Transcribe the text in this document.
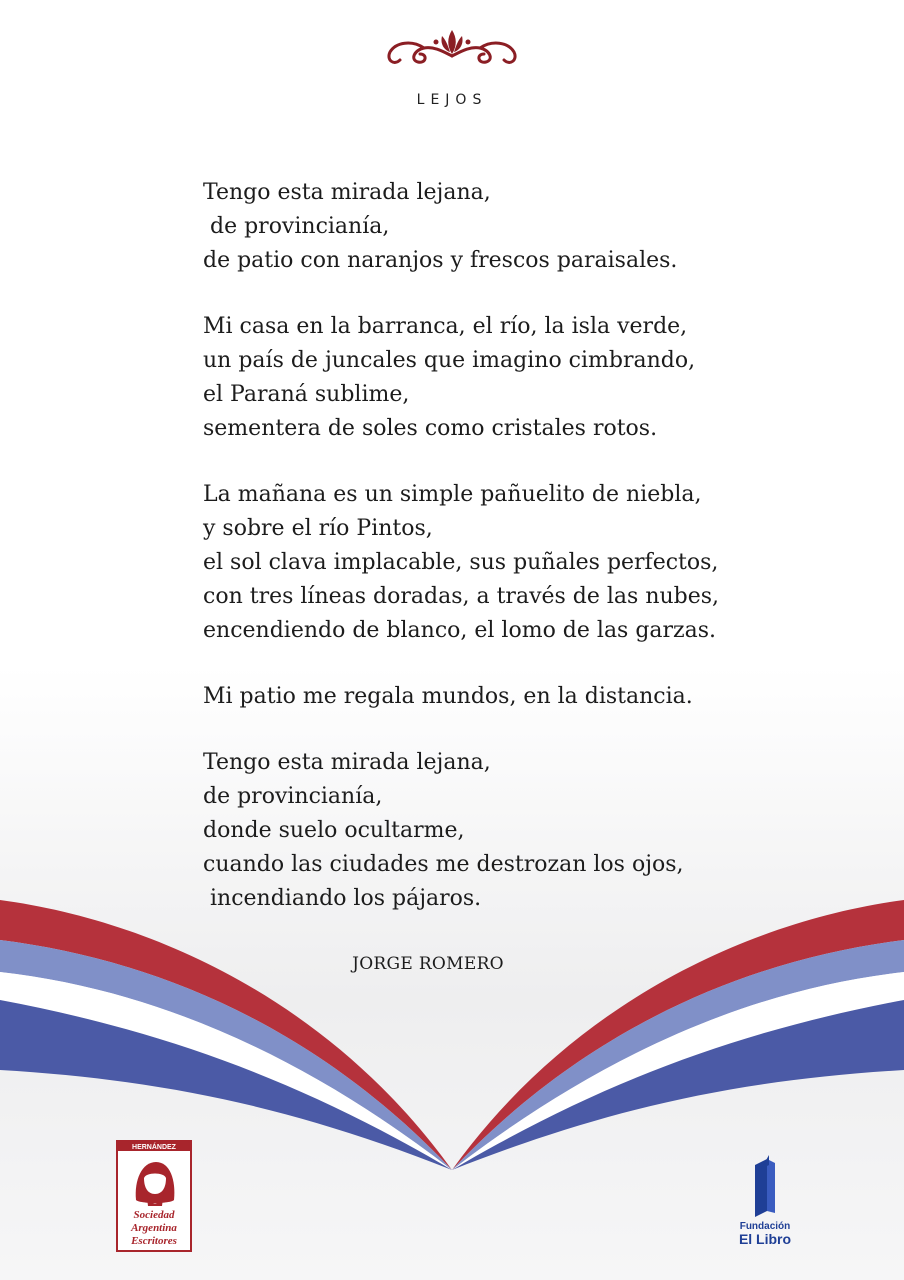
LEJOS
Tengo esta mirada lejana,
de provincianía,
de patio con naranjos y frescos paraisales.
Mi casa en la barranca, el río, la isla verde,
un país de juncales que imagino cimbrando,
el Paraná sublime,
sementera de soles como cristales rotos.
La mañana es un simple pañuelito de niebla,
y sobre el río Pintos,
el sol clava implacable, sus puñales perfectos,
con tres líneas doradas, a través de las nubes,
encendiendo de blanco, el lomo de las garzas.
Mi patio me regala mundos, en la distancia.
Tengo esta mirada lejana,
de provincianía,
donde suelo ocultarme,
cuando las ciudades me destrozan los ojos,
incendiando los pájaros.
JORGE ROMERO
HERNÁNDEZ
Sociedad
Argentina
Escritores
Fundación
El Libro
